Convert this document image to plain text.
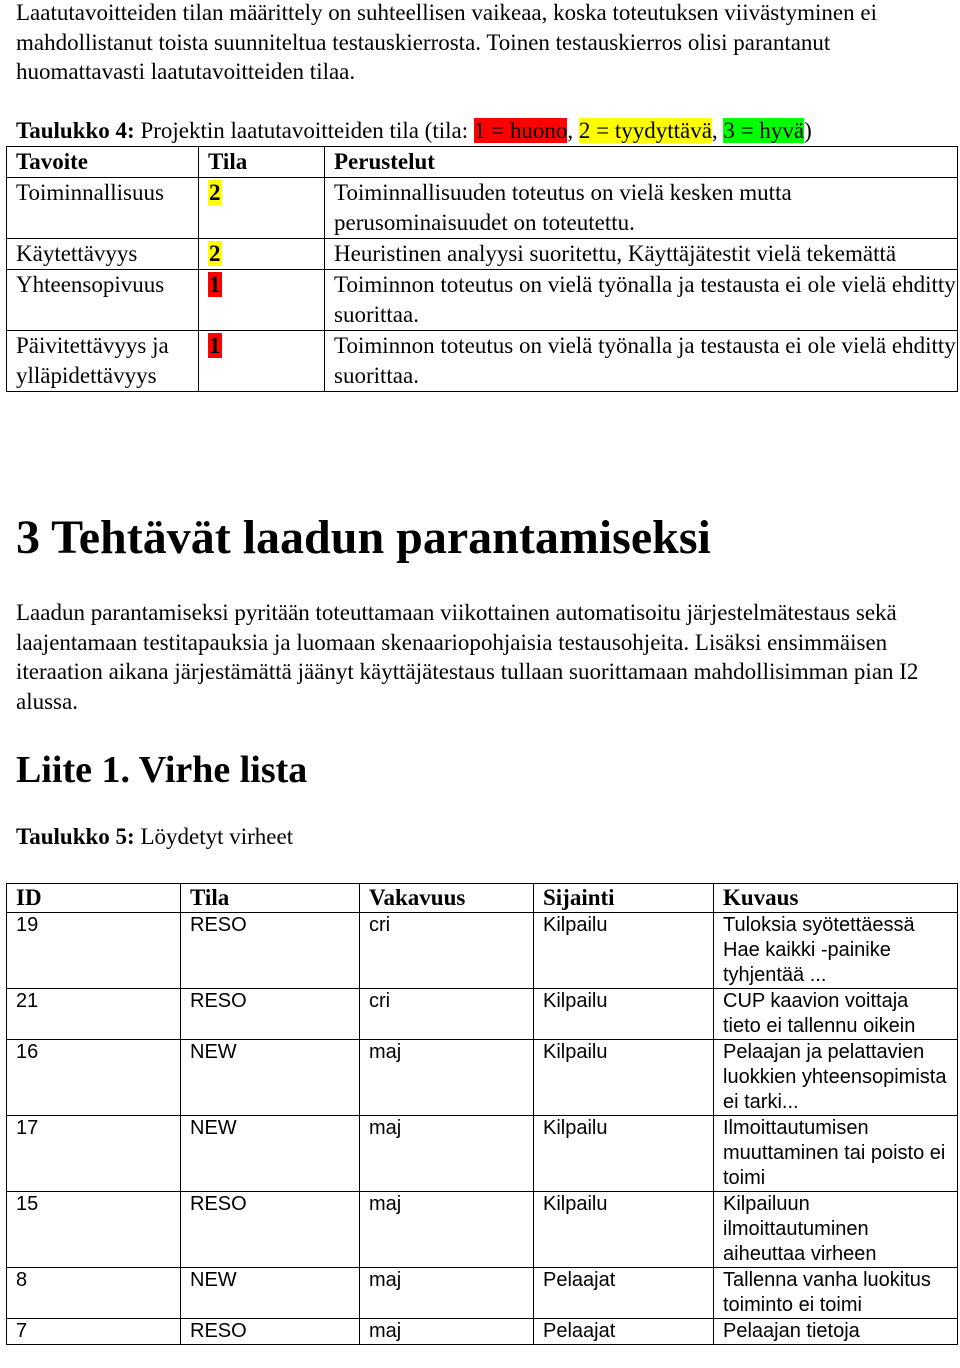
Laatutavoitteiden tilan määrittely on suhteellisen vaikeaa, koska toteutuksen viivästyminen ei mahdollistanut toista suunniteltua testauskierrosta. Toinen testauskierros olisi parantanut huomattavasti laatutavoitteiden tilaa.

Taulukko 4: Projektin laatutavoitteiden tila (tila: 1 = huono, 2 = tyydyttävä, 3 = hyvä)

Tavoite	Tila	Perustelut
Toiminnallisuus	2	Toiminnallisuuden toteutus on vielä kesken mutta perusominaisuudet on toteutettu.
Käytettävyys	2	Heuristinen analyysi suoritettu, Käyttäjätestit vielä tekemättä
Yhteensopivuus	1	Toiminnon toteutus on vielä työnalla ja testausta ei ole vielä ehditty suorittaa.
Päivitettävyys ja ylläpidettävyys	1	Toiminnon toteutus on vielä työnalla ja testausta ei ole vielä ehditty suorittaa.
3 Tehtävät laadun parantamiseksi

Laadun parantamiseksi pyritään toteuttamaan viikottainen automatisoitu järjestelmätestaus sekä laajentamaan testitapauksia ja luomaan skenaariopohjaisia testausohjeita. Lisäksi ensimmäisen iteraation aikana järjestämättä jäänyt käyttäjätestaus tullaan suorittamaan mahdollisimman pian I2 alussa.

Liite 1. Virhe lista

Taulukko 5: Löydetyt virheet

ID	Tila	Vakavuus	Sijainti	Kuvaus
19	RESO	cri	Kilpailu	Tuloksia syötettäessä Hae kaikki -painike tyhjentää ...
21	RESO	cri	Kilpailu	CUP kaavion voittaja tieto ei tallennu oikein
16	NEW	maj	Kilpailu	Pelaajan ja pelattavien luokkien yhteensopimista ei tarki...
17	NEW	maj	Kilpailu	Ilmoittautumisen muuttaminen tai poisto ei toimi
15	RESO	maj	Kilpailu	Kilpailuun ilmoittautuminen aiheuttaa virheen
8	NEW	maj	Pelaajat	Tallenna vanha luokitus toiminto ei toimi
7	RESO	maj	Pelaajat	Pelaajan tietoja
